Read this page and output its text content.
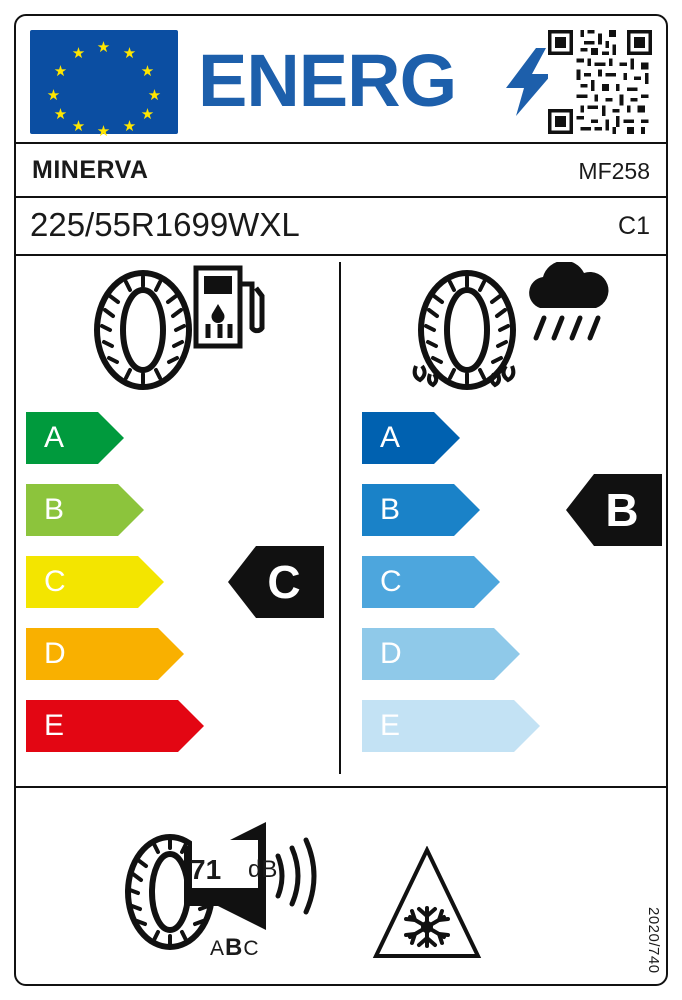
★ ★
★
★
★
★
★
★
★
★
★
★ ENERG
MINERVA	MF258
225/55R1699WXL	C1
A
B
C
D
E
C
A
B
C
D
E
B
71 dB
ABC	2020/740
